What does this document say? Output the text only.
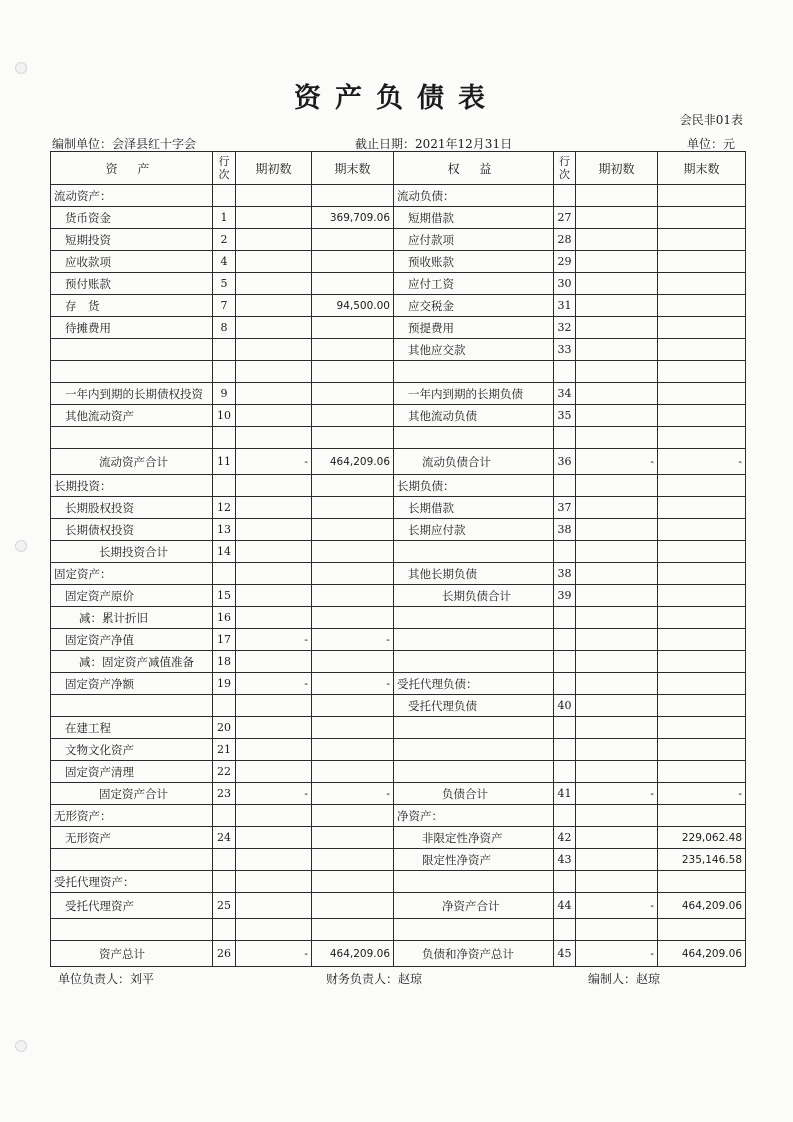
资产负债表
会民非01表
编制单位：会泽县红十字会	截止日期：2021年12月31日	单位：元
资 产	行次	期初数	期末数	权 益	行次	期初数	期末数
流动资产：				流动负债：			
货币资金	1		369,709.06	短期借款	27		
短期投资	2			应付款项	28		
应收款项	4			预收账款	29		
预付账款	5			应付工资	30		
存　货	7		94,500.00	应交税金	31		
待摊费用	8			预提费用	32		
				其他应交款	33		

一年内到期的长期债权投资	9			一年内到期的长期负债	34		
其他流动资产	10			其他流动负债	35		

流动资产合计	11	-	464,209.06	流动负债合计	36	-	-
长期投资：				长期负债：			
长期股权投资	12			长期借款	37		
长期债权投资	13			长期应付款	38		
长期投资合计	14						
固定资产：				其他长期负债	38		
固定资产原价	15			长期负债合计	39		
减：累计折旧	16						
固定资产净值	17	-	-				
减：固定资产减值准备	18						
固定资产净额	19	-	-	受托代理负债：			
				受托代理负债	40		
在建工程	20						
文物文化资产	21						
固定资产清理	22						
固定资产合计	23	-	-	负债合计	41	-	-
无形资产：				净资产：			
无形资产	24			非限定性净资产	42		229,062.48
				限定性净资产	43		235,146.58
受托代理资产：							
受托代理资产	25			净资产合计	44	-	464,209.06

资产总计	26	-	464,209.06	负债和净资产总计	45	-	464,209.06
单位负责人：刘平	财务负责人：赵琼	编制人：赵琼
